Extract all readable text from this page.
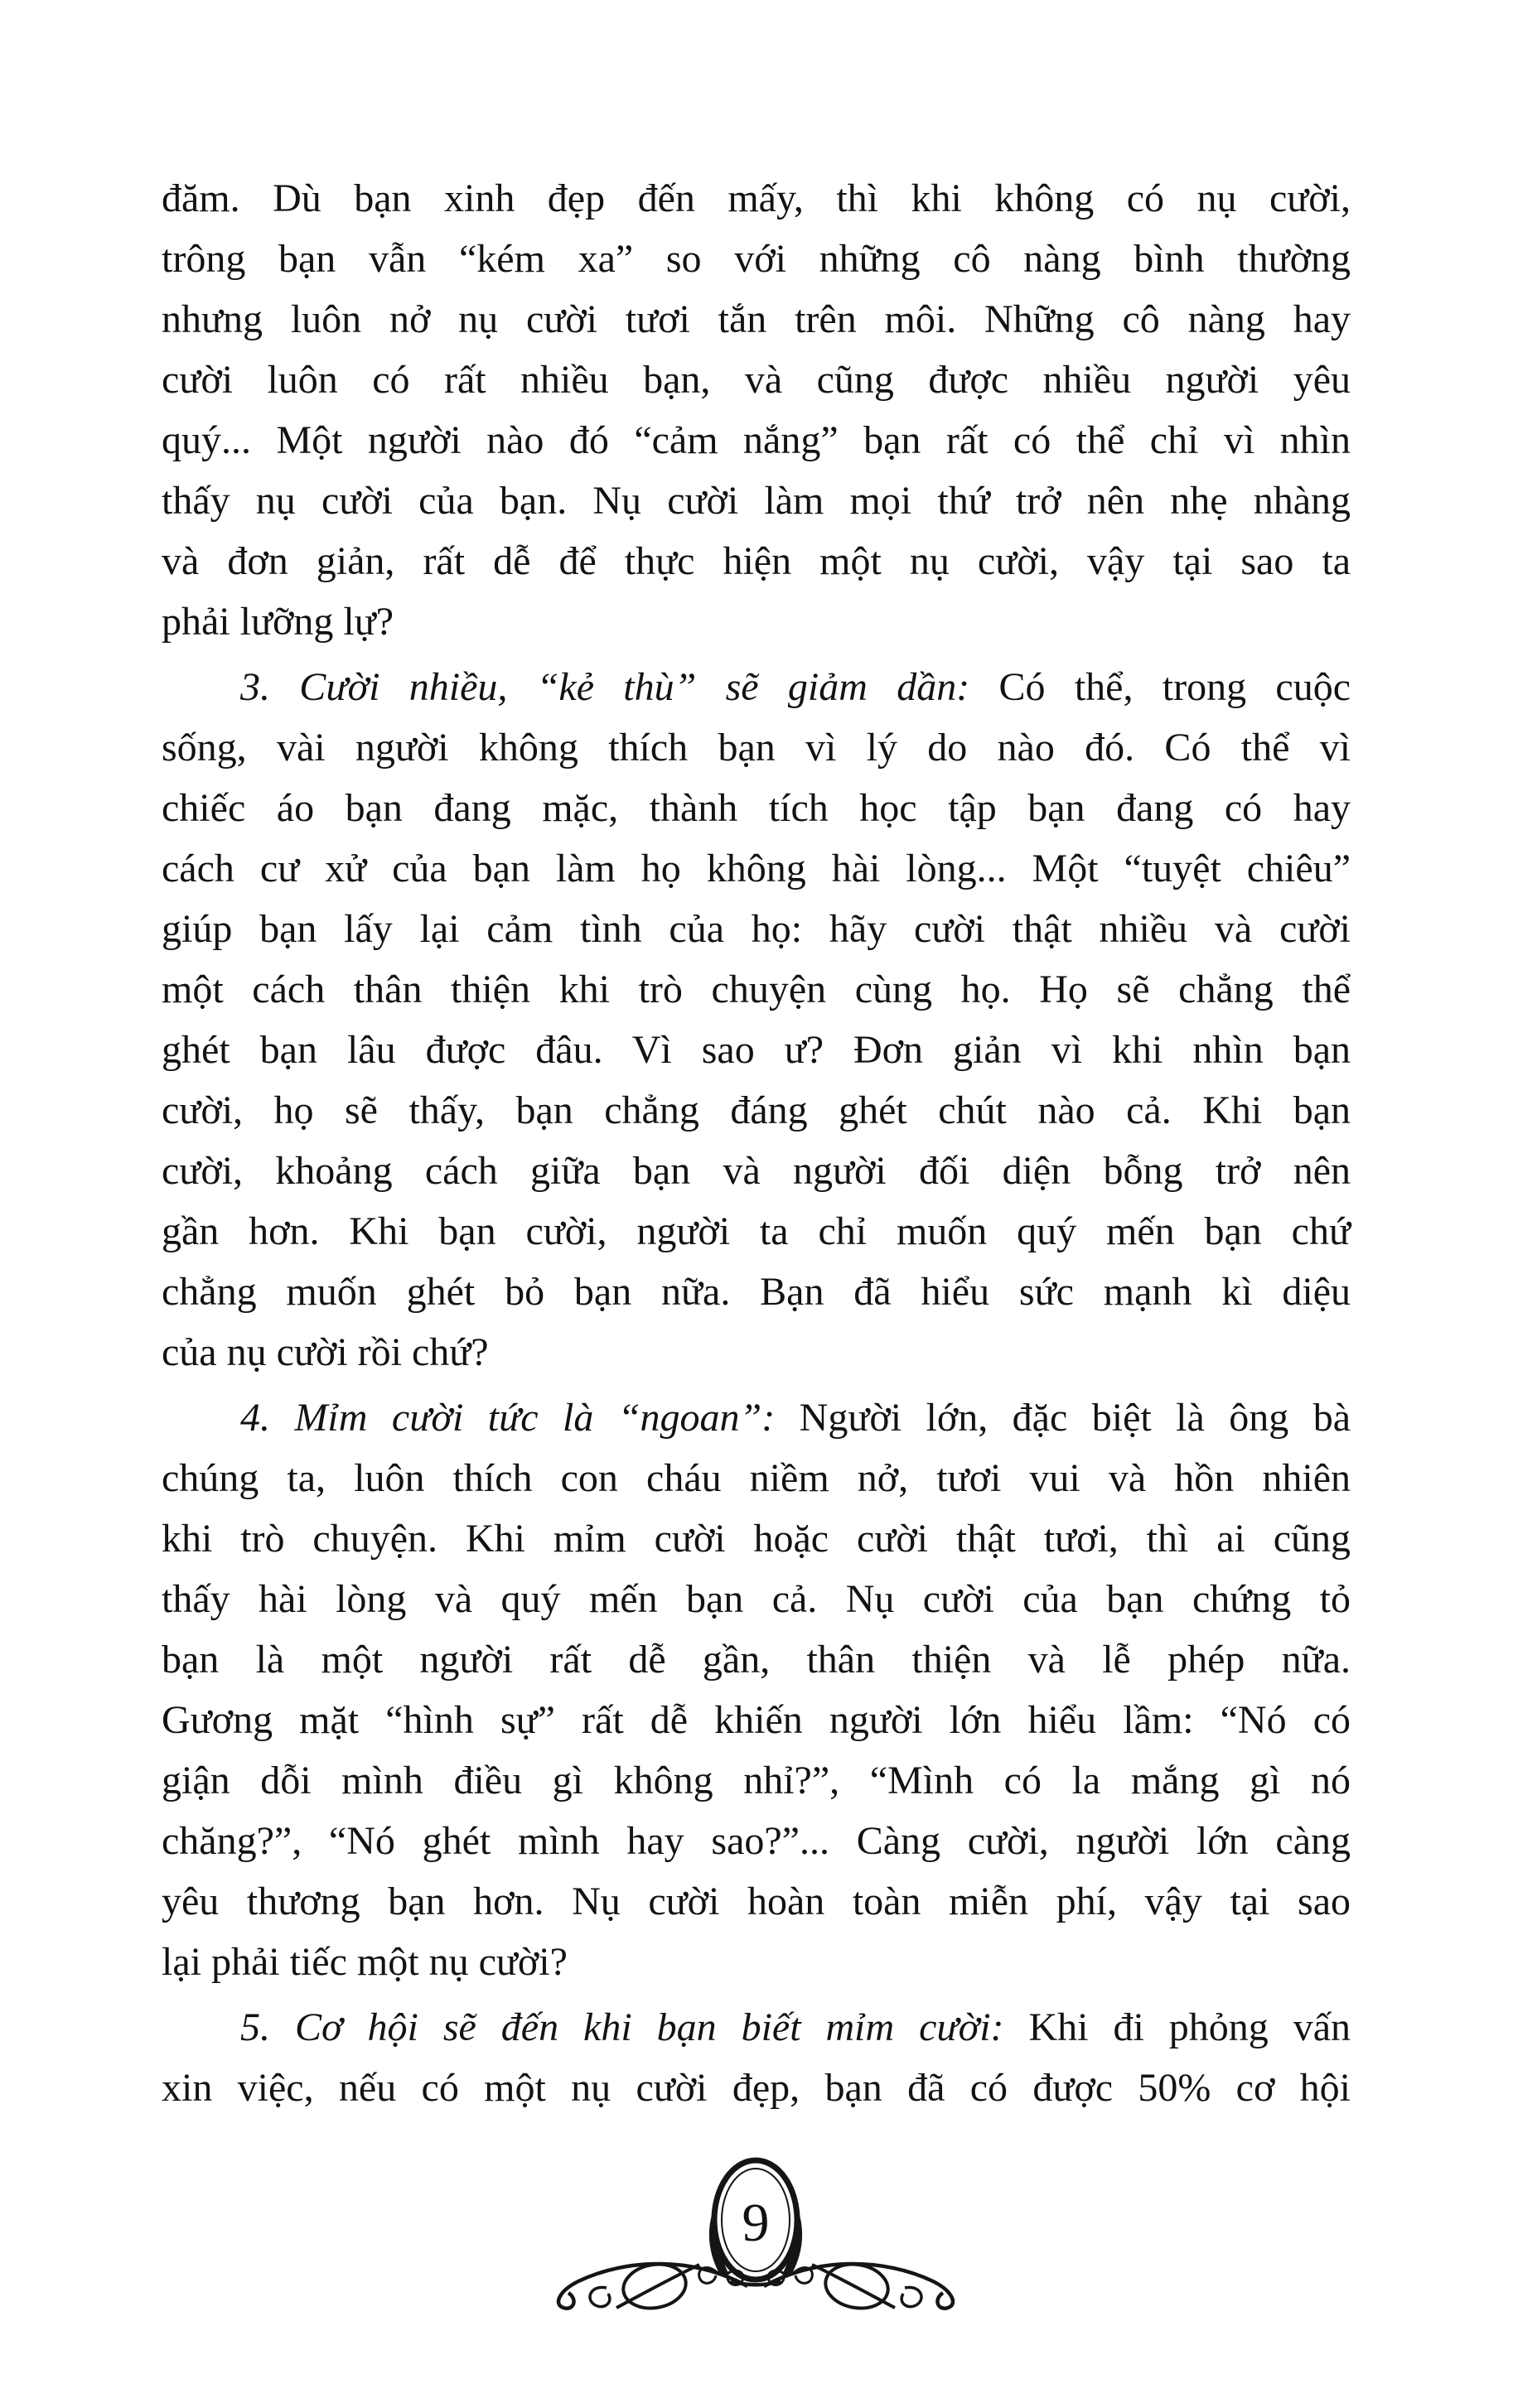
đăm. Dù bạn xinh đẹp đến mấy, thì khi không có nụ cười,
trông bạn vẫn “kém xa” so với những cô nàng bình thường
nhưng luôn nở nụ cười tươi tắn trên môi. Những cô nàng hay
cười luôn có rất nhiều bạn, và cũng được nhiều người yêu
quý... Một người nào đó “cảm nắng” bạn rất có thể chỉ vì nhìn
thấy nụ cười của bạn. Nụ cười làm mọi thứ trở nên nhẹ nhàng
và đơn giản, rất dễ để thực hiện một nụ cười, vậy tại sao ta
phải lưỡng lự?
3. Cười nhiều, “kẻ thù” sẽ giảm dần: Có thể, trong cuộc
sống, vài người không thích bạn vì lý do nào đó. Có thể vì
chiếc áo bạn đang mặc, thành tích học tập bạn đang có hay
cách cư xử của bạn làm họ không hài lòng... Một “tuyệt chiêu”
giúp bạn lấy lại cảm tình của họ: hãy cười thật nhiều và cười
một cách thân thiện khi trò chuyện cùng họ. Họ sẽ chẳng thể
ghét bạn lâu được đâu. Vì sao ư? Đơn giản vì khi nhìn bạn
cười, họ sẽ thấy, bạn chẳng đáng ghét chút nào cả. Khi bạn
cười, khoảng cách giữa bạn và người đối diện bỗng trở nên
gần hơn. Khi bạn cười, người ta chỉ muốn quý mến bạn chứ
chẳng muốn ghét bỏ bạn nữa. Bạn đã hiểu sức mạnh kì diệu
của nụ cười rồi chứ?
4. Mỉm cười tức là “ngoan”: Người lớn, đặc biệt là ông bà
chúng ta, luôn thích con cháu niềm nở, tươi vui và hồn nhiên
khi trò chuyện. Khi mỉm cười hoặc cười thật tươi, thì ai cũng
thấy hài lòng và quý mến bạn cả. Nụ cười của bạn chứng tỏ
bạn là một người rất dễ gần, thân thiện và lễ phép nữa.
Gương mặt “hình sự” rất dễ khiến người lớn hiểu lầm: “Nó có
giận dỗi mình điều gì không nhỉ?”, “Mình có la mắng gì nó
chăng?”, “Nó ghét mình hay sao?”... Càng cười, người lớn càng
yêu thương bạn hơn. Nụ cười hoàn toàn miễn phí, vậy tại sao
lại phải tiếc một nụ cười?
5. Cơ hội sẽ đến khi bạn biết mỉm cười: Khi đi phỏng vấn
xin việc, nếu có một nụ cười đẹp, bạn đã có được 50% cơ hội
9
